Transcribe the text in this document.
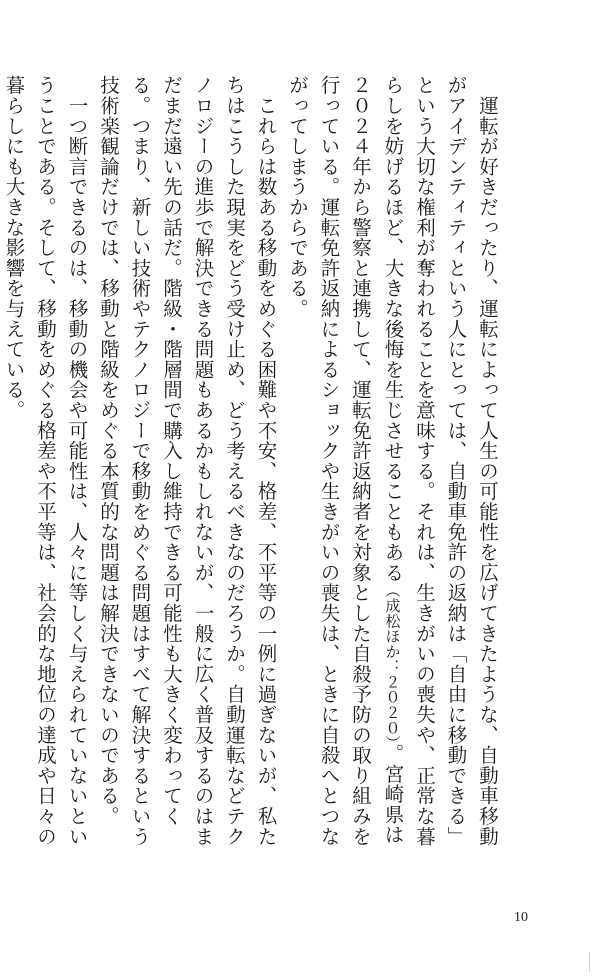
　運転が好きだったり、運転によって人生の可能性を広げてきたような、自動車移動がアイデンティティという人にとっては、自動車免許の返納は「自由に移動できる」という大切な権利が奪われることを意味する。それは、生きがいの喪失や、正常な暮らしを妨げるほど、大きな後悔を生じさせることもある（成松ほか：２０２０）。宮崎県は２０２４年から警察と連携して、運転免許返納者を対象とした自殺予防の取り組みを行っている。運転免許返納によるショックや生きがいの喪失は、ときに自殺へとつながってしまうからである。

　これらは数ある移動をめぐる困難や不安、格差、不平等の一例に過ぎないが、私たちはこうした現実をどう受け止め、どう考えるべきなのだろうか。自動運転などテクノロジーの進歩で解決できる問題もあるかもしれないが、一般に広く普及するのはまだまだ遠い先の話だ。階級・階層間で購入し維持できる可能性も大きく変わってくる。つまり、新しい技術やテクノロジーで移動をめぐる問題はすべて解決するという技術楽観論だけでは、移動と階級をめぐる本質的な問題は解決できないのである。

　一つ断言できるのは、移動の機会や可能性は、人々に等しく与えられていないということである。そして、移動をめぐる格差や不平等は、社会的な地位の達成や日々の暮らしにも大きな影響を与えている。

10
